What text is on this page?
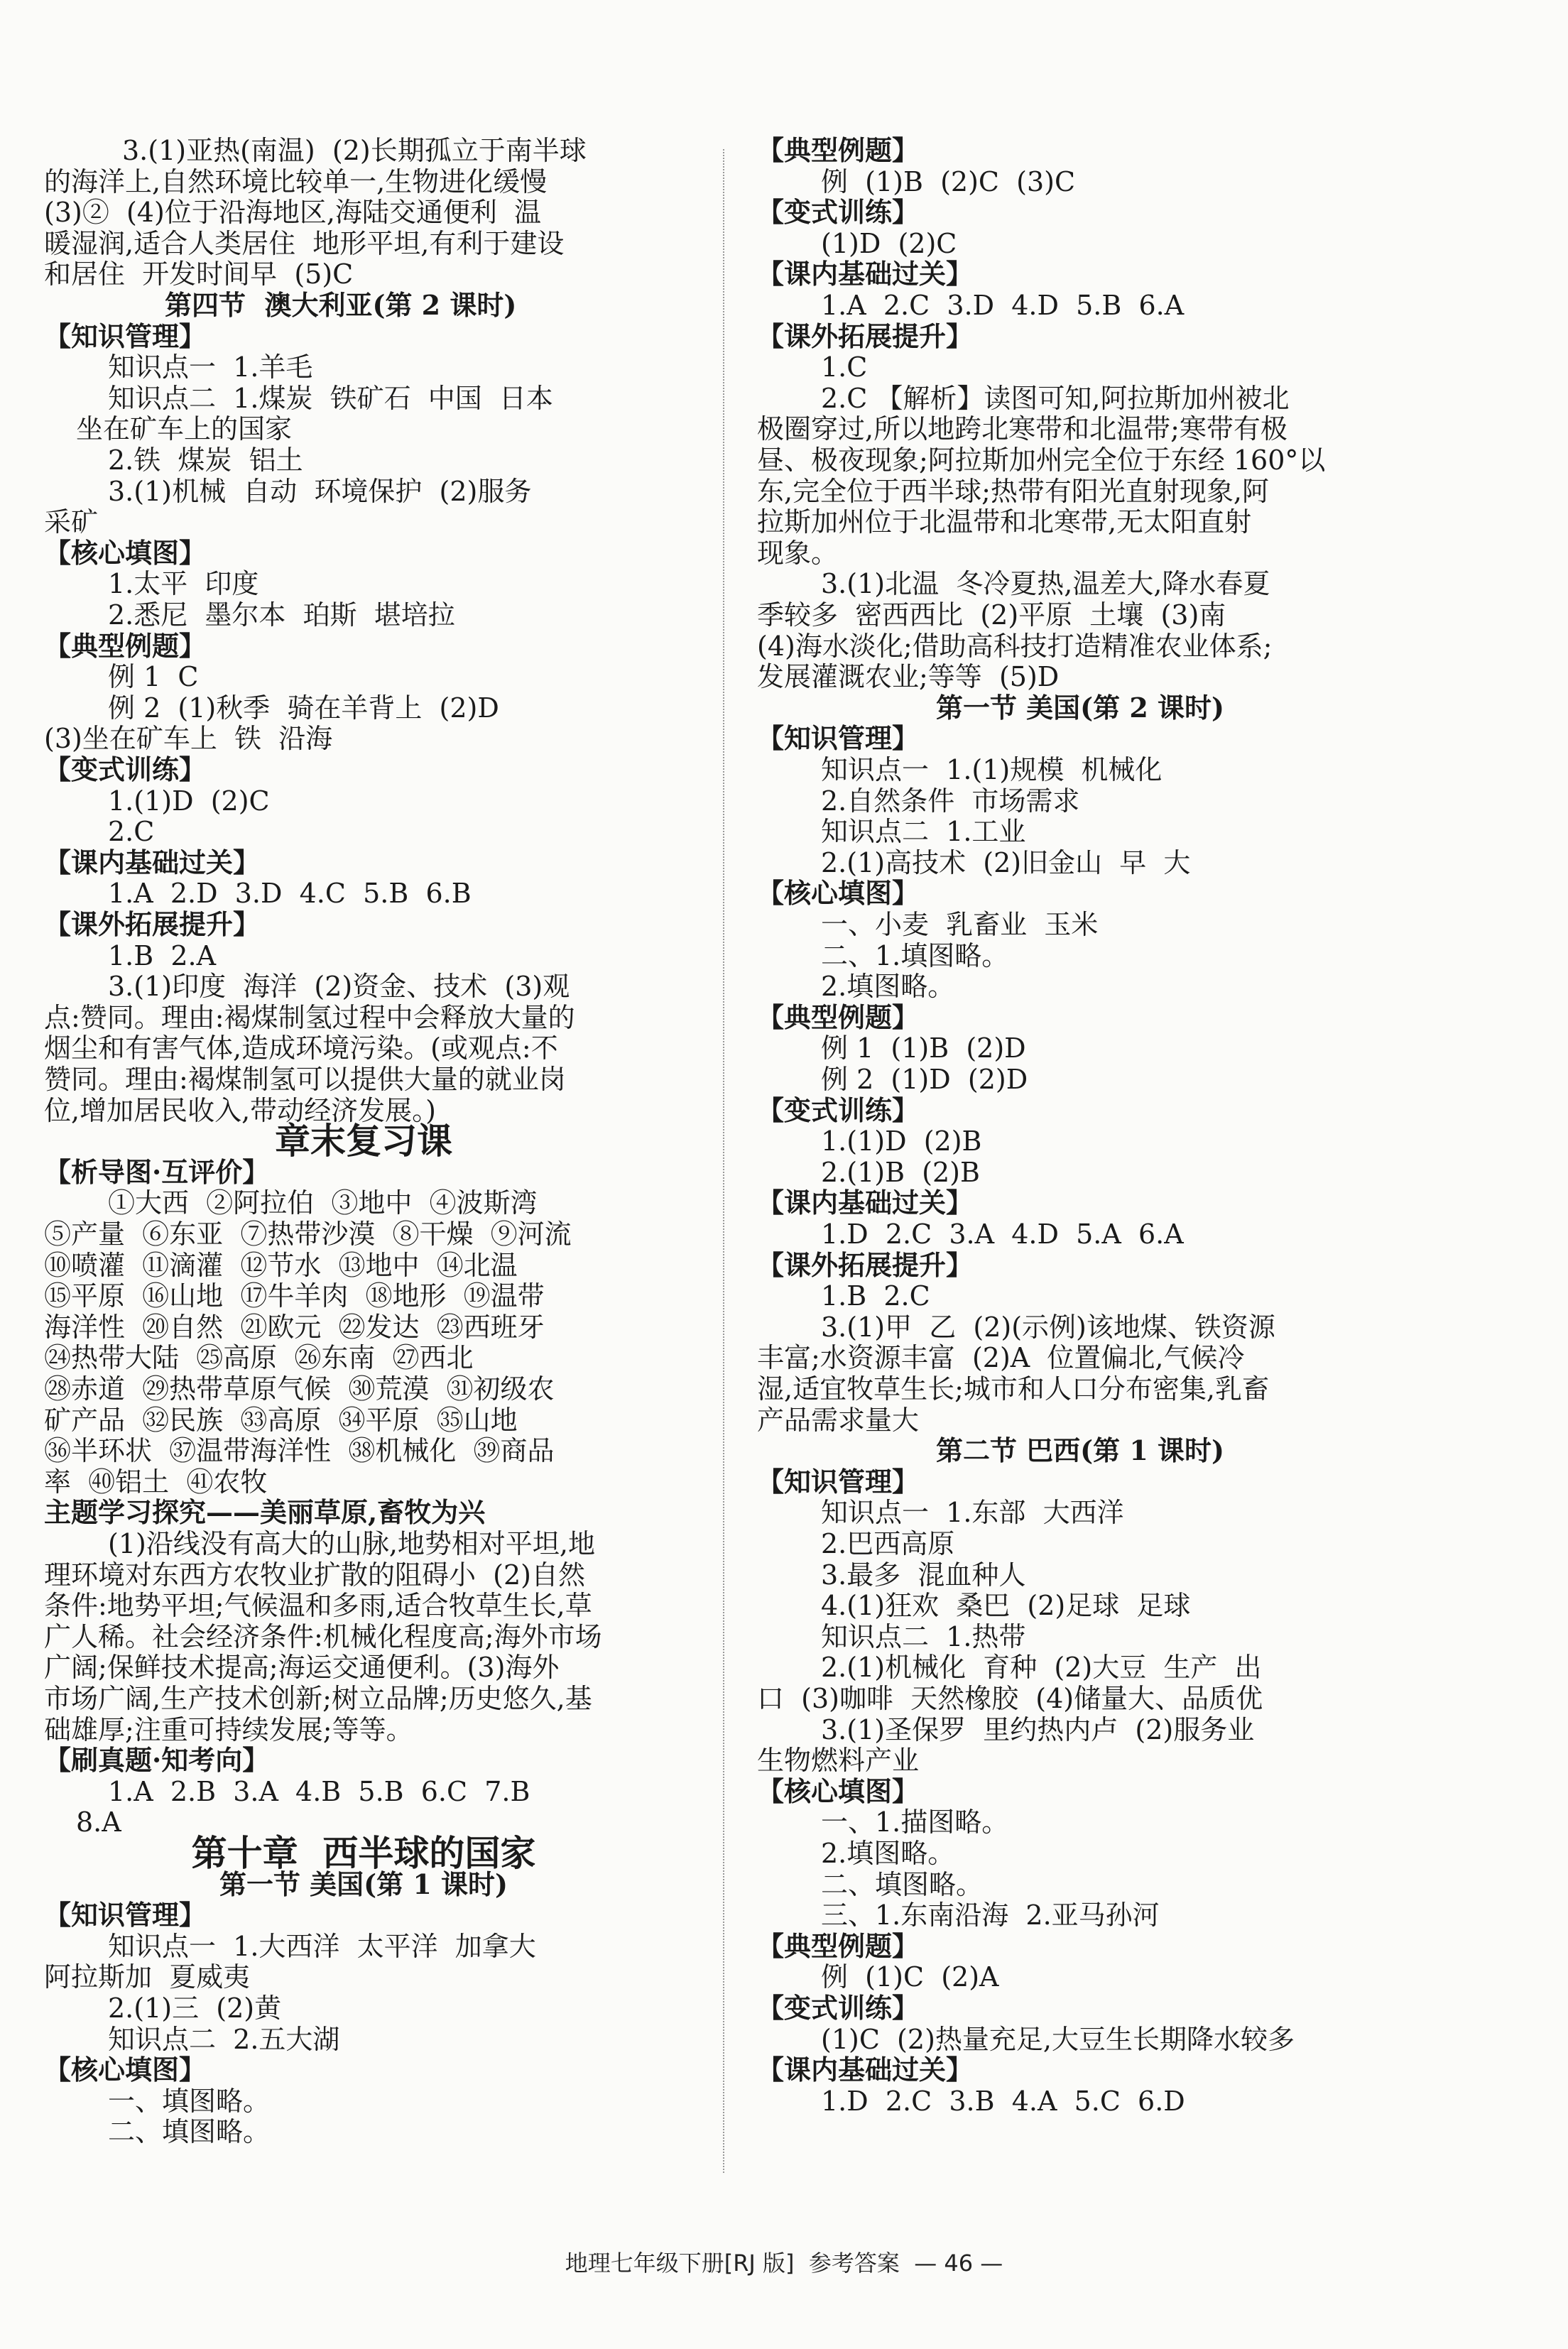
3.(1)亚热(南温)  (2)长期孤立于南半球
的海洋上,自然环境比较单一,生物进化缓慢
(3)②  (4)位于沿海地区,海陆交通便利  温
暖湿润,适合人类居住  地形平坦,有利于建设
和居住  开发时间早  (5)C
第四节  澳大利亚(第 2 课时)
【知识管理】
知识点一  1.羊毛
知识点二  1.煤炭  铁矿石  中国  日本
坐在矿车上的国家
2.铁  煤炭  铝土
3.(1)机械  自动  环境保护  (2)服务
采矿
【核心填图】
1.太平  印度
2.悉尼  墨尔本  珀斯  堪培拉
【典型例题】
例 1  C
例 2  (1)秋季  骑在羊背上  (2)D
(3)坐在矿车上  铁  沿海
【变式训练】
1.(1)D  (2)C
2.C
【课内基础过关】
1.A  2.D  3.D  4.C  5.B  6.B
【课外拓展提升】
1.B  2.A
3.(1)印度  海洋  (2)资金、技术  (3)观
点:赞同。理由:褐煤制氢过程中会释放大量的
烟尘和有害气体,造成环境污染。(或观点:不
赞同。理由:褐煤制氢可以提供大量的就业岗
位,增加居民收入,带动经济发展。)
章末复习课
【析导图·互评价】
①大西  ②阿拉伯  ③地中  ④波斯湾
⑤产量  ⑥东亚  ⑦热带沙漠  ⑧干燥  ⑨河流
⑩喷灌  ⑪滴灌  ⑫节水  ⑬地中  ⑭北温
⑮平原  ⑯山地  ⑰牛羊肉  ⑱地形  ⑲温带
海洋性  ⑳自然  ㉑欧元  ㉒发达  ㉓西班牙
㉔热带大陆  ㉕高原  ㉖东南  ㉗西北
㉘赤道  ㉙热带草原气候  ㉚荒漠  ㉛初级农
矿产品  ㉜民族  ㉝高原  ㉞平原  ㉟山地
㊱半环状  ㊲温带海洋性  ㊳机械化  ㊴商品
率  ㊵铝土  ㊶农牧
主题学习探究——美丽草原,畜牧为兴
(1)沿线没有高大的山脉,地势相对平坦,地
理环境对东西方农牧业扩散的阻碍小  (2)自然
条件:地势平坦;气候温和多雨,适合牧草生长,草
广人稀。社会经济条件:机械化程度高;海外市场
广阔;保鲜技术提高;海运交通便利。(3)海外
市场广阔,生产技术创新;树立品牌;历史悠久,基
础雄厚;注重可持续发展;等等。
【刷真题·知考向】
1.A  2.B  3.A  4.B  5.B  6.C  7.B
8.A
第十章  西半球的国家
第一节 美国(第 1 课时)
【知识管理】
知识点一  1.大西洋  太平洋  加拿大
阿拉斯加  夏威夷
2.(1)三  (2)黄
知识点二  2.五大湖
【核心填图】
一、填图略。
二、填图略。
【典型例题】
例  (1)B  (2)C  (3)C
【变式训练】
(1)D  (2)C
【课内基础过关】
1.A  2.C  3.D  4.D  5.B  6.A
【课外拓展提升】
1.C
2.C 【解析】读图可知,阿拉斯加州被北
极圈穿过,所以地跨北寒带和北温带;寒带有极
昼、极夜现象;阿拉斯加州完全位于东经 160°以
东,完全位于西半球;热带有阳光直射现象,阿
拉斯加州位于北温带和北寒带,无太阳直射
现象。
3.(1)北温  冬冷夏热,温差大,降水春夏
季较多  密西西比  (2)平原  土壤  (3)南
(4)海水淡化;借助高科技打造精准农业体系;
发展灌溉农业;等等  (5)D
第一节 美国(第 2 课时)
【知识管理】
知识点一  1.(1)规模  机械化
2.自然条件  市场需求
知识点二  1.工业
2.(1)高技术  (2)旧金山  早  大
【核心填图】
一、小麦  乳畜业  玉米
二、1.填图略。
2.填图略。
【典型例题】
例 1  (1)B  (2)D
例 2  (1)D  (2)D
【变式训练】
1.(1)D  (2)B
2.(1)B  (2)B
【课内基础过关】
1.D  2.C  3.A  4.D  5.A  6.A
【课外拓展提升】
1.B  2.C
3.(1)甲  乙  (2)(示例)该地煤、铁资源
丰富;水资源丰富  (2)A  位置偏北,气候冷
湿,适宜牧草生长;城市和人口分布密集,乳畜
产品需求量大
第二节 巴西(第 1 课时)
【知识管理】
知识点一  1.东部  大西洋
2.巴西高原
3.最多  混血种人
4.(1)狂欢  桑巴  (2)足球  足球
知识点二  1.热带
2.(1)机械化  育种  (2)大豆  生产  出
口  (3)咖啡  天然橡胶  (4)储量大、品质优
3.(1)圣保罗  里约热内卢  (2)服务业
生物燃料产业
【核心填图】
一、1.描图略。
2.填图略。
二、填图略。
三、1.东南沿海  2.亚马孙河
【典型例题】
例  (1)C  (2)A
【变式训练】
(1)C  (2)热量充足,大豆生长期降水较多
【课内基础过关】
1.D  2.C  3.B  4.A  5.C  6.D
地理七年级下册[RJ 版]  参考答案  — 46 —
